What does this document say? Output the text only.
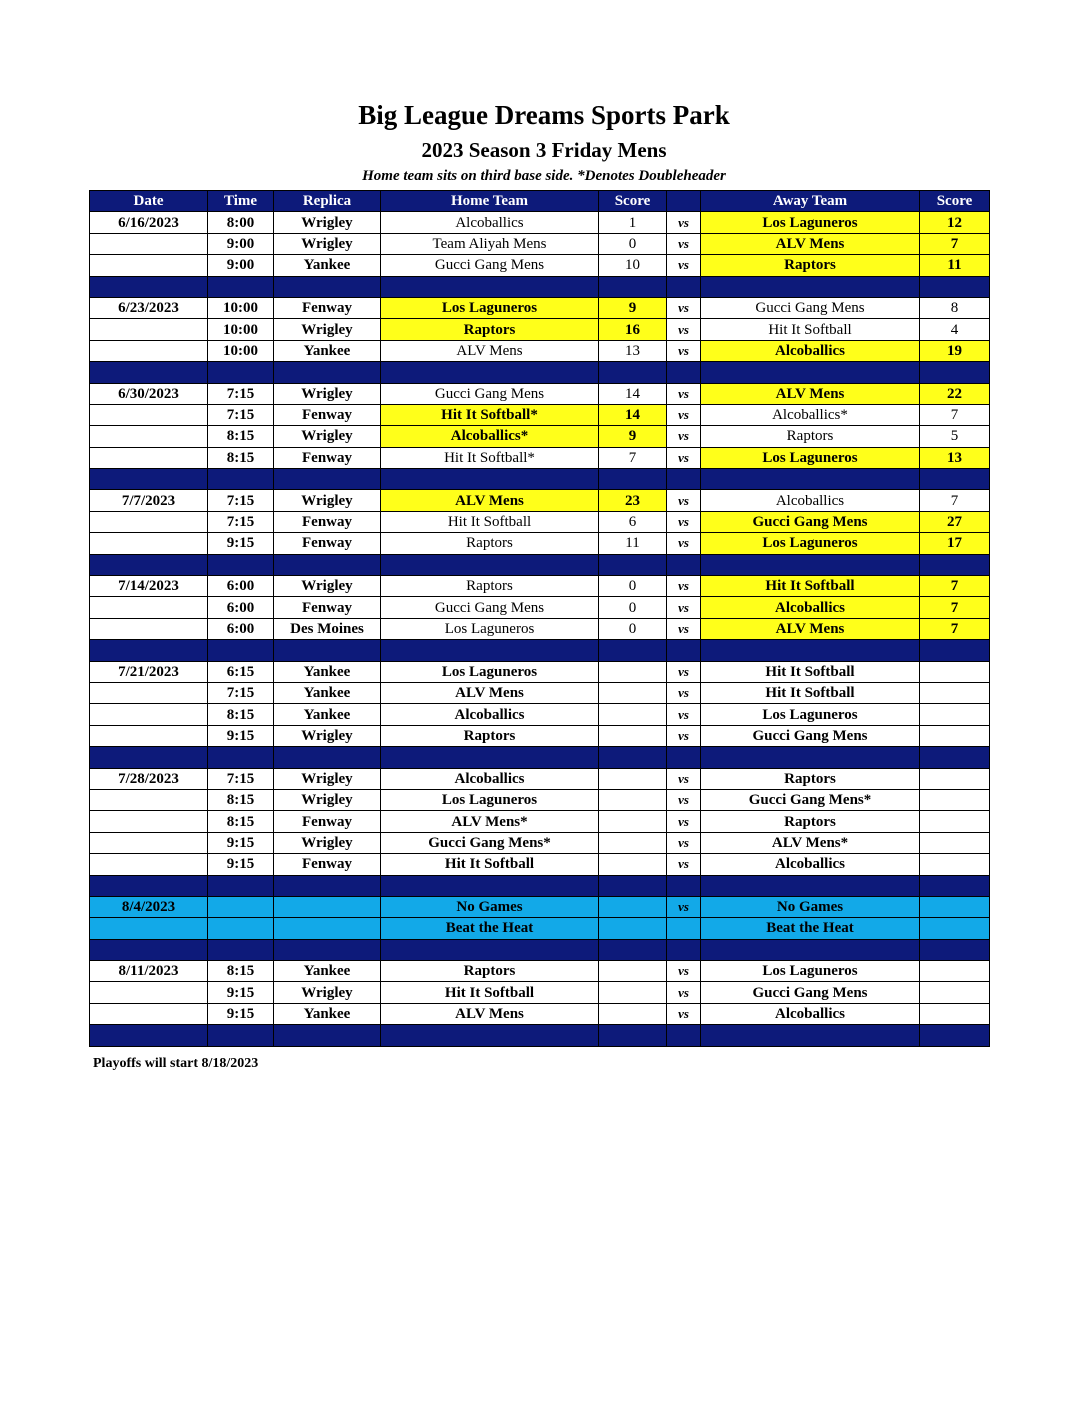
Big League Dreams Sports Park
2023 Season 3 Friday Mens
Home team sits on third base side. *Denotes Doubleheader
Date	Time	Replica	Home Team	Score		Away Team	Score
6/16/2023	8:00	Wrigley	Alcoballics	1	vs	Los Laguneros	12
	9:00	Wrigley	Team Aliyah Mens	0	vs	ALV Mens	7
	9:00	Yankee	Gucci Gang Mens	10	vs	Raptors	11

6/23/2023	10:00	Fenway	Los Laguneros	9	vs	Gucci Gang Mens	8
	10:00	Wrigley	Raptors	16	vs	Hit It Softball	4
	10:00	Yankee	ALV Mens	13	vs	Alcoballics	19

6/30/2023	7:15	Wrigley	Gucci Gang Mens	14	vs	ALV Mens	22
	7:15	Fenway	Hit It Softball*	14	vs	Alcoballics*	7
	8:15	Wrigley	Alcoballics*	9	vs	Raptors	5
	8:15	Fenway	Hit It Softball*	7	vs	Los Laguneros	13

7/7/2023	7:15	Wrigley	ALV Mens	23	vs	Alcoballics	7
	7:15	Fenway	Hit It Softball	6	vs	Gucci Gang Mens	27
	9:15	Fenway	Raptors	11	vs	Los Laguneros	17

7/14/2023	6:00	Wrigley	Raptors	0	vs	Hit It Softball	7
	6:00	Fenway	Gucci Gang Mens	0	vs	Alcoballics	7
	6:00	Des Moines	Los Laguneros	0	vs	ALV Mens	7

7/21/2023	6:15	Yankee	Los Laguneros		vs	Hit It Softball	
	7:15	Yankee	ALV Mens		vs	Hit It Softball	
	8:15	Yankee	Alcoballics		vs	Los Laguneros	
	9:15	Wrigley	Raptors		vs	Gucci Gang Mens	

7/28/2023	7:15	Wrigley	Alcoballics		vs	Raptors	
	8:15	Wrigley	Los Laguneros		vs	Gucci Gang Mens*	
	8:15	Fenway	ALV Mens*		vs	Raptors	
	9:15	Wrigley	Gucci Gang Mens*		vs	ALV Mens*	
	9:15	Fenway	Hit It Softball		vs	Alcoballics	

8/4/2023			No Games		vs	No Games	
			Beat the Heat			Beat the Heat	

8/11/2023	8:15	Yankee	Raptors		vs	Los Laguneros	
	9:15	Wrigley	Hit It Softball		vs	Gucci Gang Mens	
	9:15	Yankee	ALV Mens		vs	Alcoballics	

Playoffs will start 8/18/2023
